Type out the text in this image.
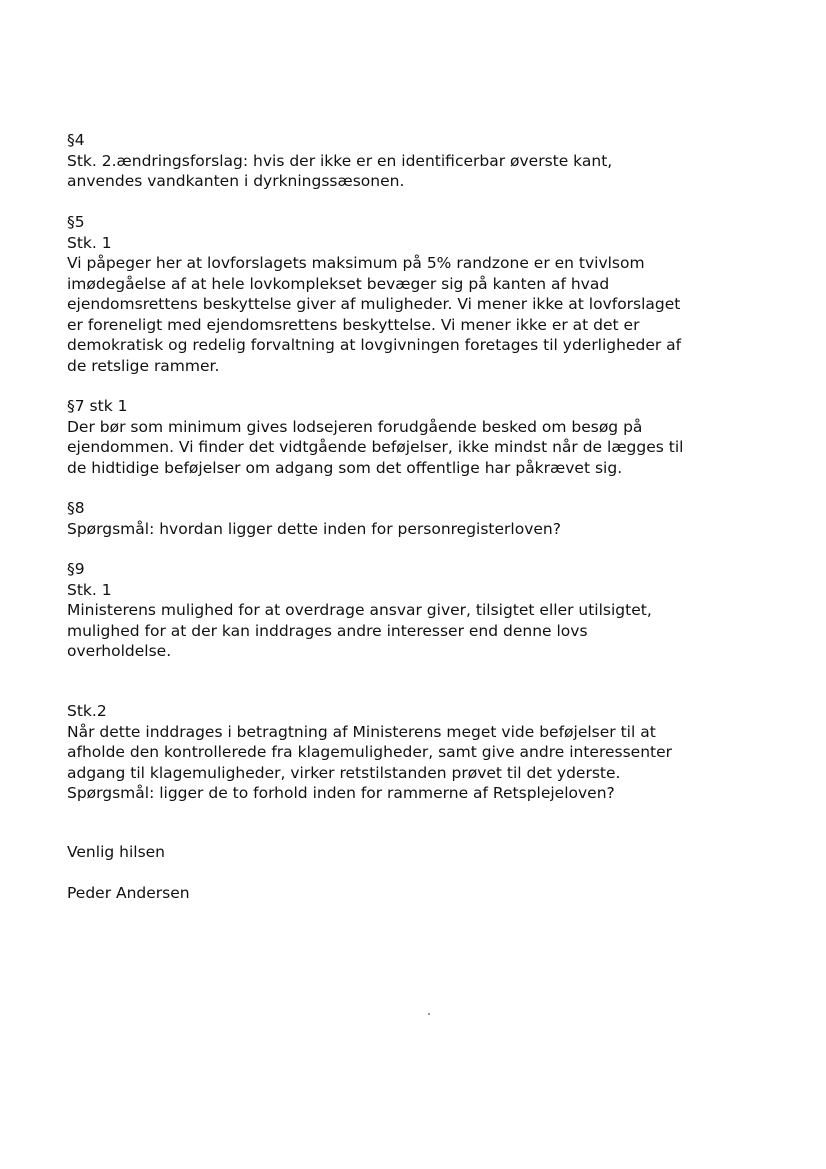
§4
Stk. 2.ændringsforslag: hvis der ikke er en identificerbar øverste kant,
anvendes vandkanten i dyrkningssæsonen.
§5
Stk. 1
Vi påpeger her at lovforslagets maksimum på 5% randzone er en tvivlsom
imødegåelse af at hele lovkomplekset bevæger sig på kanten af hvad
ejendomsrettens beskyttelse giver af muligheder. Vi mener ikke at lovforslaget
er foreneligt med ejendomsrettens beskyttelse. Vi mener ikke er at det er
demokratisk og redelig forvaltning at lovgivningen foretages til yderligheder af
de retslige rammer.
§7 stk 1
Der bør som minimum gives lodsejeren forudgående besked om besøg på
ejendommen. Vi finder det vidtgående beføjelser, ikke mindst når de lægges til
de hidtidige beføjelser om adgang som det offentlige har påkrævet sig.
§8
Spørgsmål: hvordan ligger dette inden for personregisterloven?
§9
Stk. 1
Ministerens mulighed for at overdrage ansvar giver, tilsigtet eller utilsigtet,
mulighed for at der kan inddrages andre interesser end denne lovs
overholdelse.
Stk.2
Når dette inddrages i betragtning af Ministerens meget vide beføjelser til at
afholde den kontrollerede fra klagemuligheder, samt give andre interessenter
adgang til klagemuligheder, virker retstilstanden prøvet til det yderste.
Spørgsmål: ligger de to forhold inden for rammerne af Retsplejeloven?
Venlig hilsen
Peder Andersen
